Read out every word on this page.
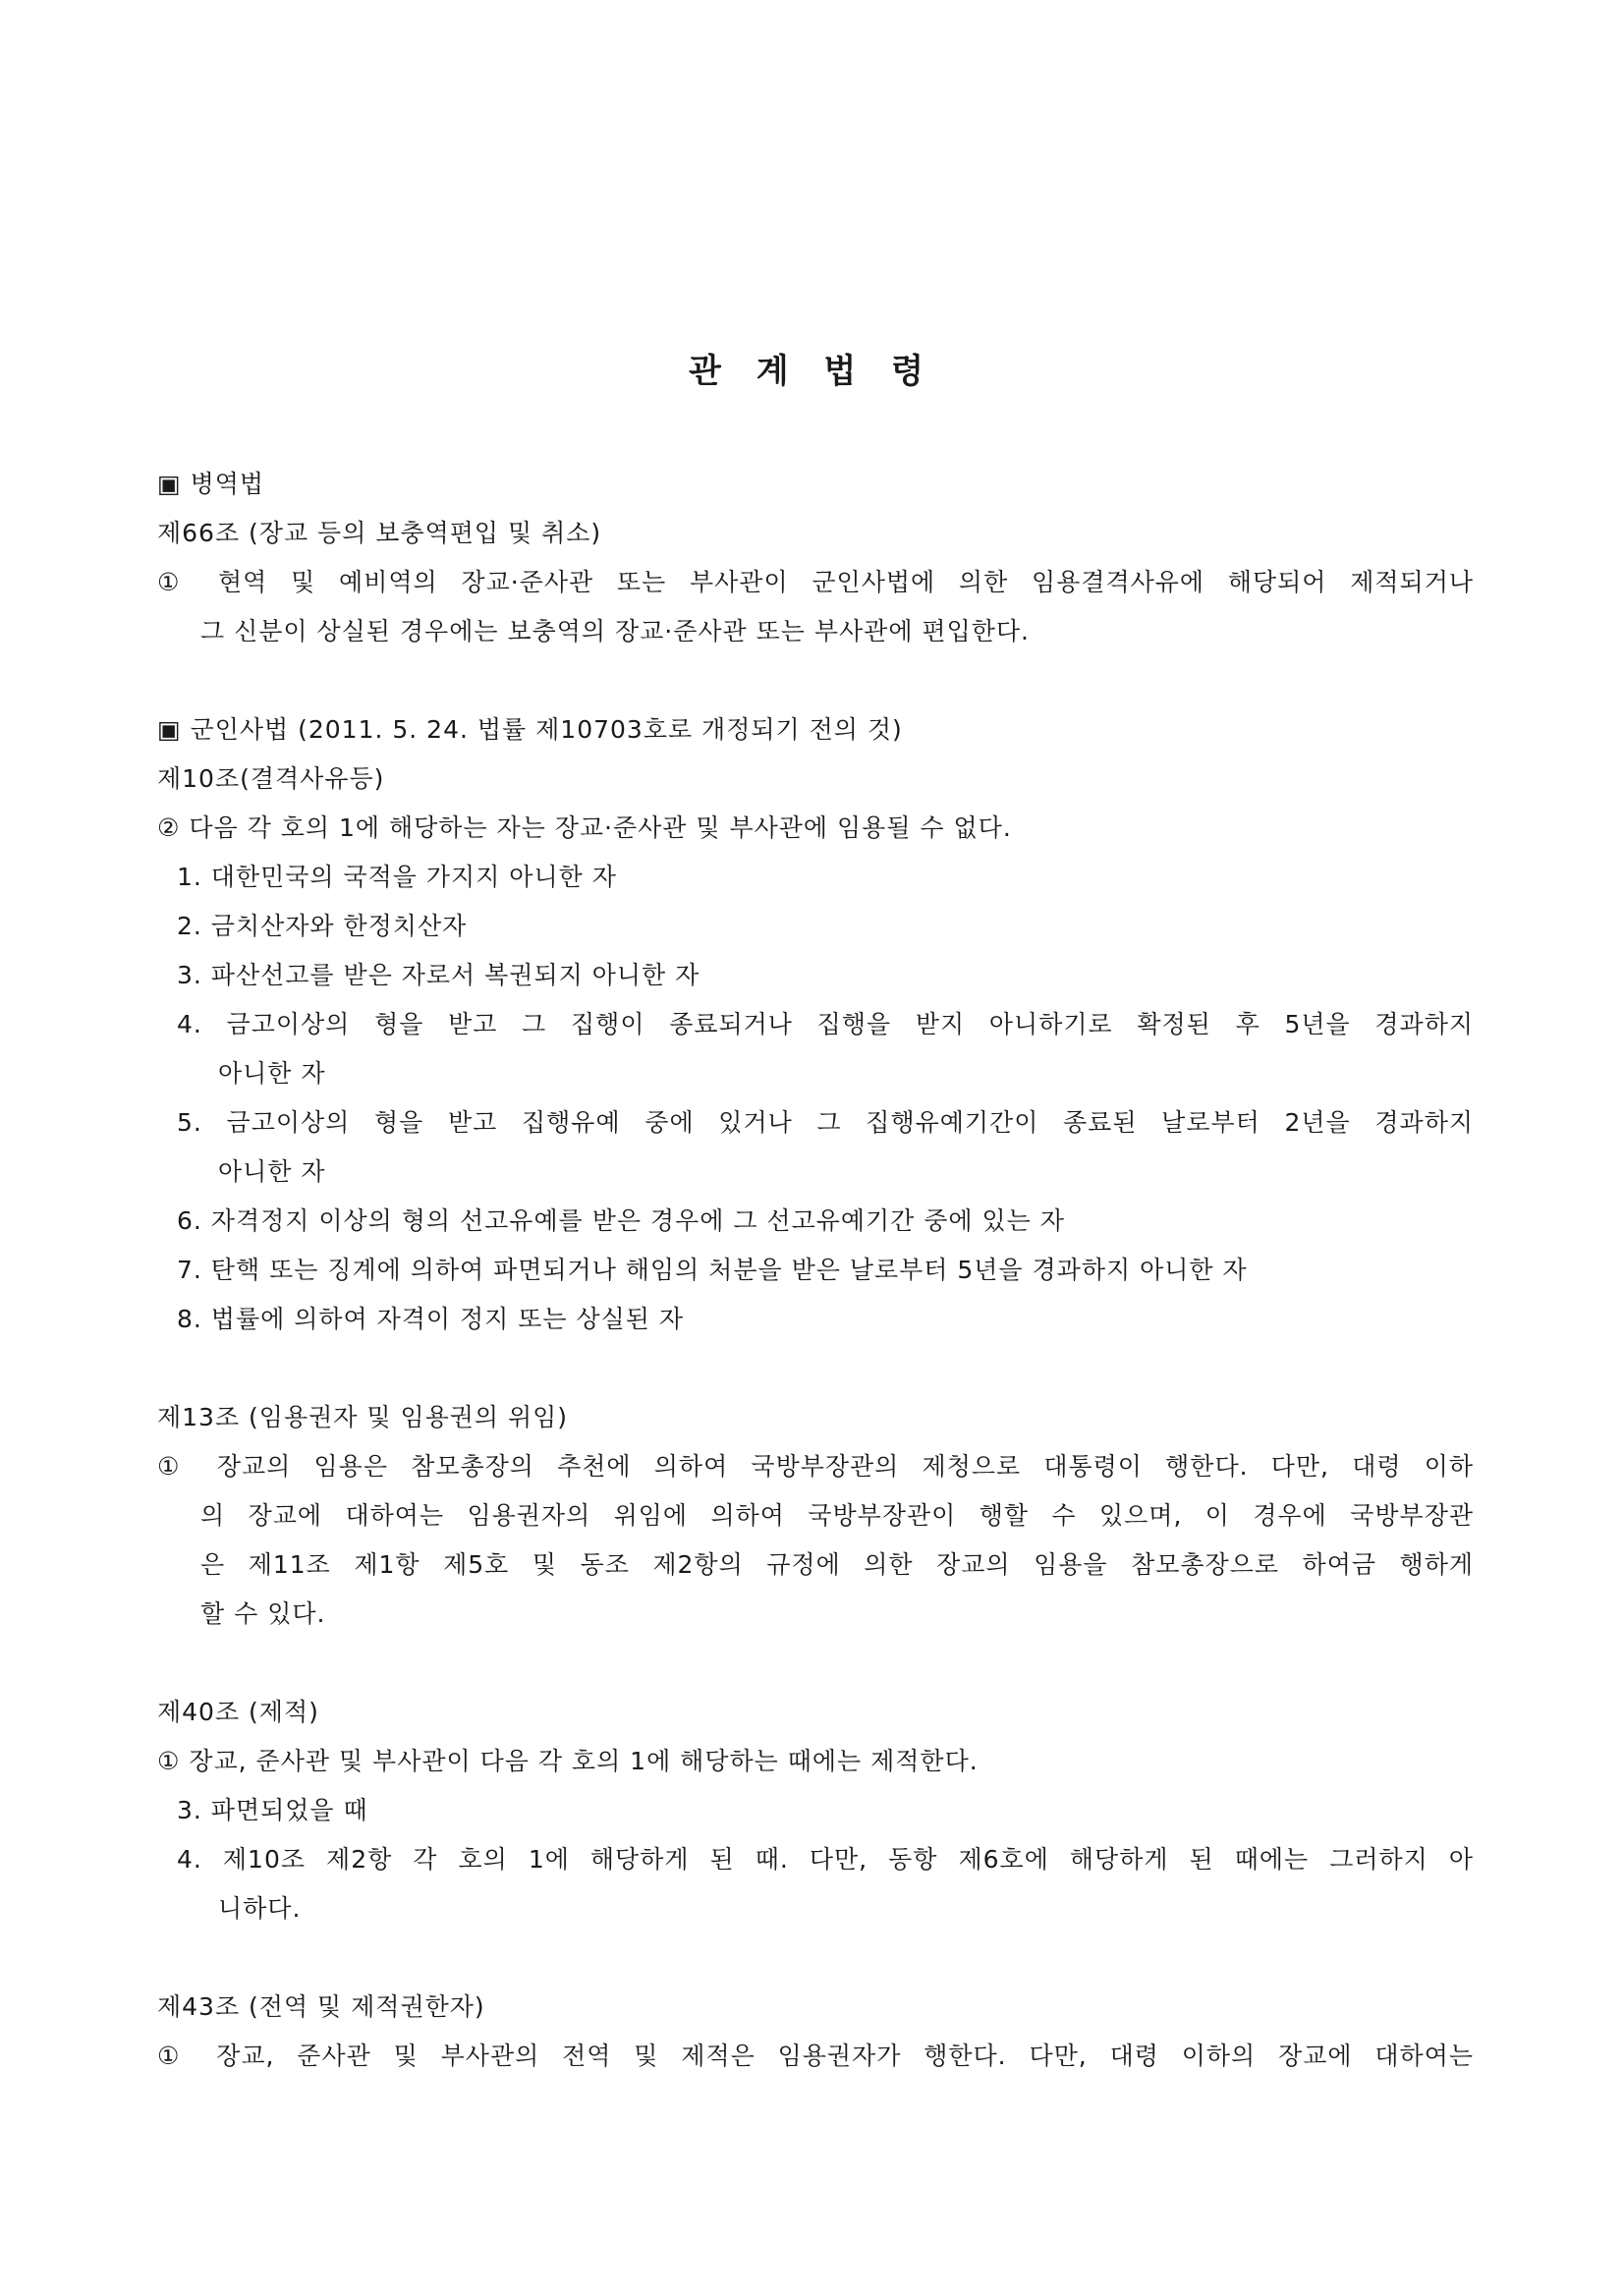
관 계 법 령
▣ 병역법
제66조 (장교 등의 보충역편입 및 취소)
① 현역 및 예비역의 장교·준사관 또는 부사관이 군인사법에 의한 임용결격사유에 해당되어 제적되거나
그 신분이 상실된 경우에는 보충역의 장교·준사관 또는 부사관에 편입한다.
▣ 군인사법 (2011. 5. 24. 법률 제10703호로 개정되기 전의 것)
제10조(결격사유등)
② 다음 각 호의 1에 해당하는 자는 장교·준사관 및 부사관에 임용될 수 없다.
1. 대한민국의 국적을 가지지 아니한 자
2. 금치산자와 한정치산자
3. 파산선고를 받은 자로서 복권되지 아니한 자
4. 금고이상의 형을 받고 그 집행이 종료되거나 집행을 받지 아니하기로 확정된 후 5년을 경과하지
아니한 자
5. 금고이상의 형을 받고 집행유예 중에 있거나 그 집행유예기간이 종료된 날로부터 2년을 경과하지
아니한 자
6. 자격정지 이상의 형의 선고유예를 받은 경우에 그 선고유예기간 중에 있는 자
7. 탄핵 또는 징계에 의하여 파면되거나 해임의 처분을 받은 날로부터 5년을 경과하지 아니한 자
8. 법률에 의하여 자격이 정지 또는 상실된 자
제13조 (임용권자 및 임용권의 위임)
① 장교의 임용은 참모총장의 추천에 의하여 국방부장관의 제청으로 대통령이 행한다. 다만, 대령 이하
의 장교에 대하여는 임용권자의 위임에 의하여 국방부장관이 행할 수 있으며, 이 경우에 국방부장관
은 제11조 제1항 제5호 및 동조 제2항의 규정에 의한 장교의 임용을 참모총장으로 하여금 행하게
할 수 있다.
제40조 (제적)
① 장교, 준사관 및 부사관이 다음 각 호의 1에 해당하는 때에는 제적한다.
3. 파면되었을 때
4. 제10조 제2항 각 호의 1에 해당하게 된 때. 다만, 동항 제6호에 해당하게 된 때에는 그러하지 아
니하다.
제43조 (전역 및 제적권한자)
① 장교, 준사관 및 부사관의 전역 및 제적은 임용권자가 행한다. 다만, 대령 이하의 장교에 대하여는
